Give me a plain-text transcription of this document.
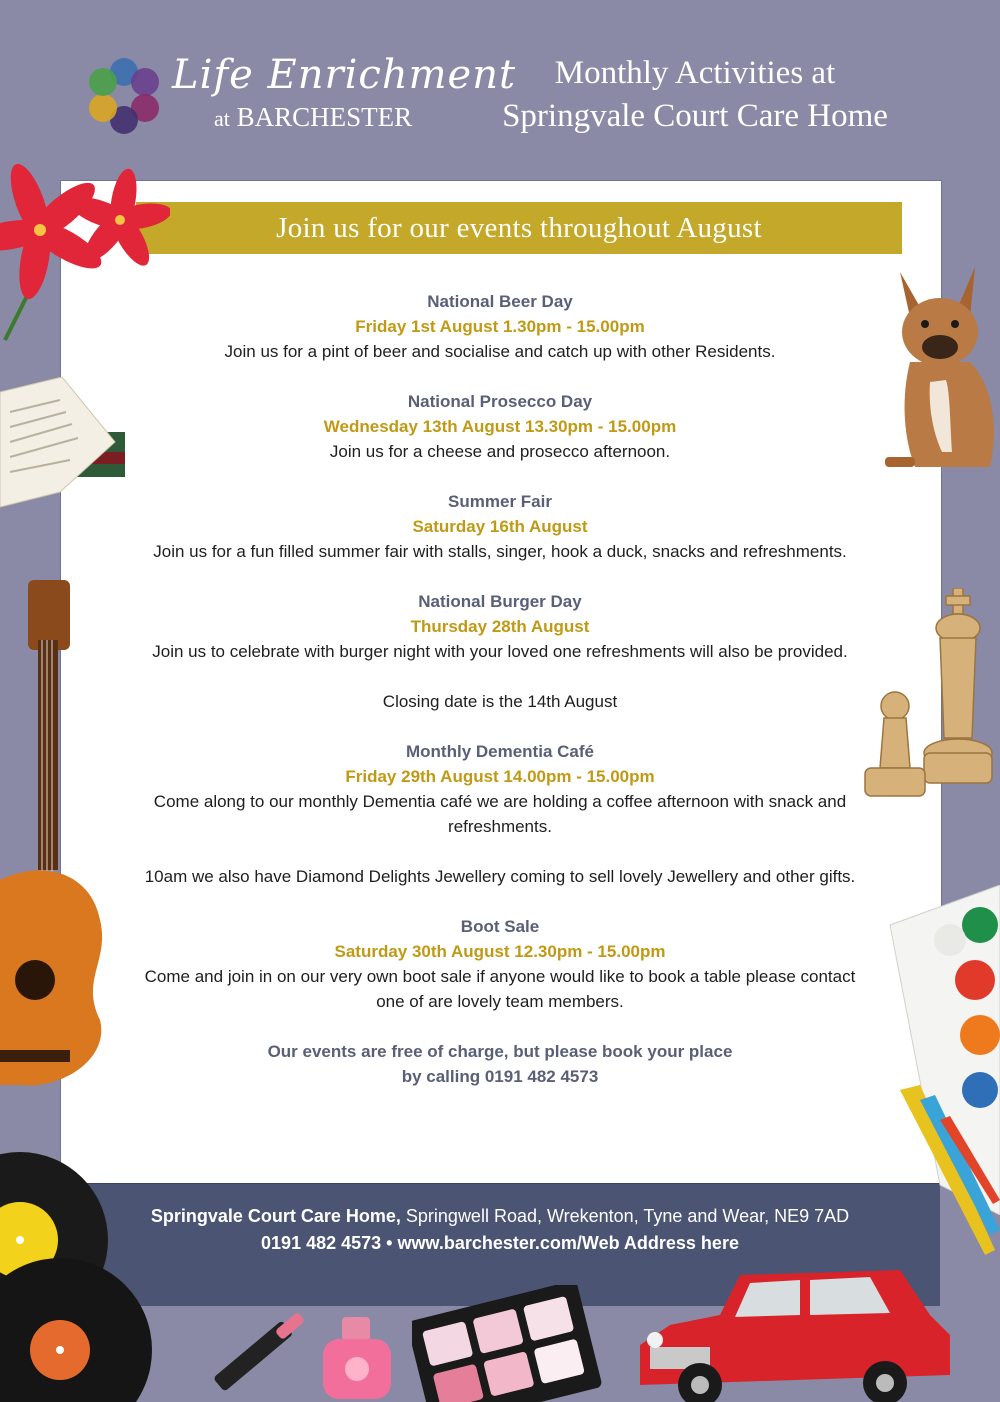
Life Enrichment
at BARCHESTER
Monthly Activities at
Springvale Court Care Home
Join us for our events throughout August
National Beer Day
Friday 1st August 1.30pm - 15.00pm
Join us for a pint of beer and socialise and catch up with other Residents.
National Prosecco Day
Wednesday 13th August 13.30pm - 15.00pm
Join us for a cheese and prosecco afternoon.
Summer Fair
Saturday 16th August
Join us for a fun filled summer fair with stalls, singer, hook a duck, snacks and refreshments.
National Burger Day
Thursday 28th August
Join us to celebrate with burger night with your loved one refreshments will also be provided.
Closing date is the 14th August
Monthly Dementia Café
Friday 29th August 14.00pm - 15.00pm
Come along to our monthly Dementia café we are holding a coffee afternoon with snack and refreshments.
10am we also have Diamond Delights Jewellery coming to sell lovely Jewellery and other gifts.
Boot Sale
Saturday 30th August 12.30pm - 15.00pm
Come and join in on our very own boot sale if anyone would like to book a table please contact one of are lovely team members.
Our events are free of charge, but please book your place
by calling 0191 482 4573
Springvale Court Care Home, Springwell Road, Wrekenton, Tyne and Wear, NE9 7AD
0191 482 4573 • www.barchester.com/Web Address here
